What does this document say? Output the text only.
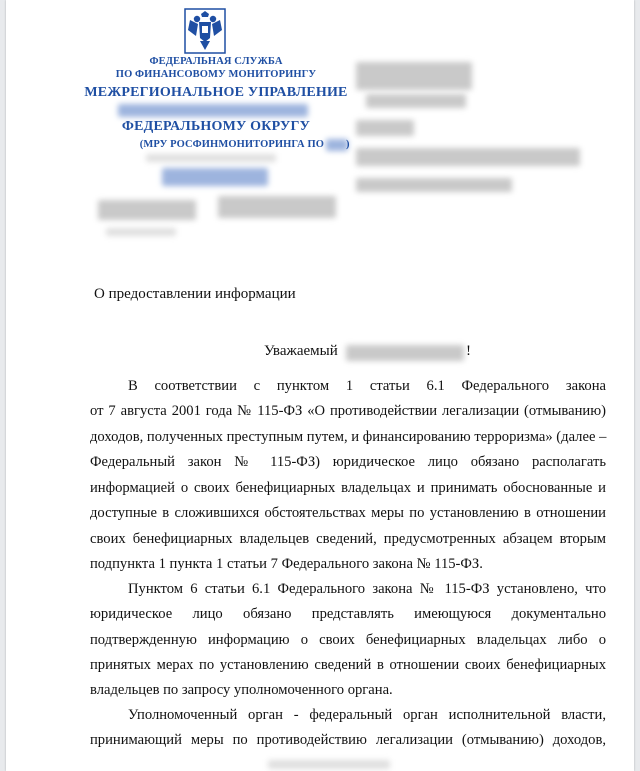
ФЕДЕРАЛЬНАЯ СЛУЖБА
ПО ФИНАНСОВОМУ МОНИТОРИНГУ
МЕЖРЕГИОНАЛЬНОЕ УПРАВЛЕНИЕ
ФЕДЕРАЛЬНОМУ ОКРУГУ
(МРУ РОСФИНМОНИТОРИНГА ПО )
О предоставлении информации
Уважаемый	!
В соответствии с пунктом 1 статьи 6.1 Федерального закона
от 7 августа 2001 года № 115-ФЗ «О противодействии легализации (отмыванию)
доходов, полученных преступным путем, и финансированию терроризма» (далее –
Федеральный закон № 115-ФЗ) юридическое лицо обязано располагать
информацией о своих бенефициарных владельцах и принимать обоснованные и
доступные в сложившихся обстоятельствах меры по установлению в отношении
своих бенефициарных владельцев сведений, предусмотренных абзацем вторым
подпункта 1 пункта 1 статьи 7 Федерального закона № 115-ФЗ.
Пунктом 6 статьи 6.1 Федерального закона № 115-ФЗ установлено, что
юридическое лицо обязано представлять имеющуюся документально
подтвержденную информацию о своих бенефициарных владельцах либо о
принятых мерах по установлению сведений в отношении своих бенефициарных
владельцев по запросу уполномоченного органа.
Уполномоченный орган - федеральный орган исполнительной власти,
принимающий меры по противодействию легализации (отмыванию) доходов,
